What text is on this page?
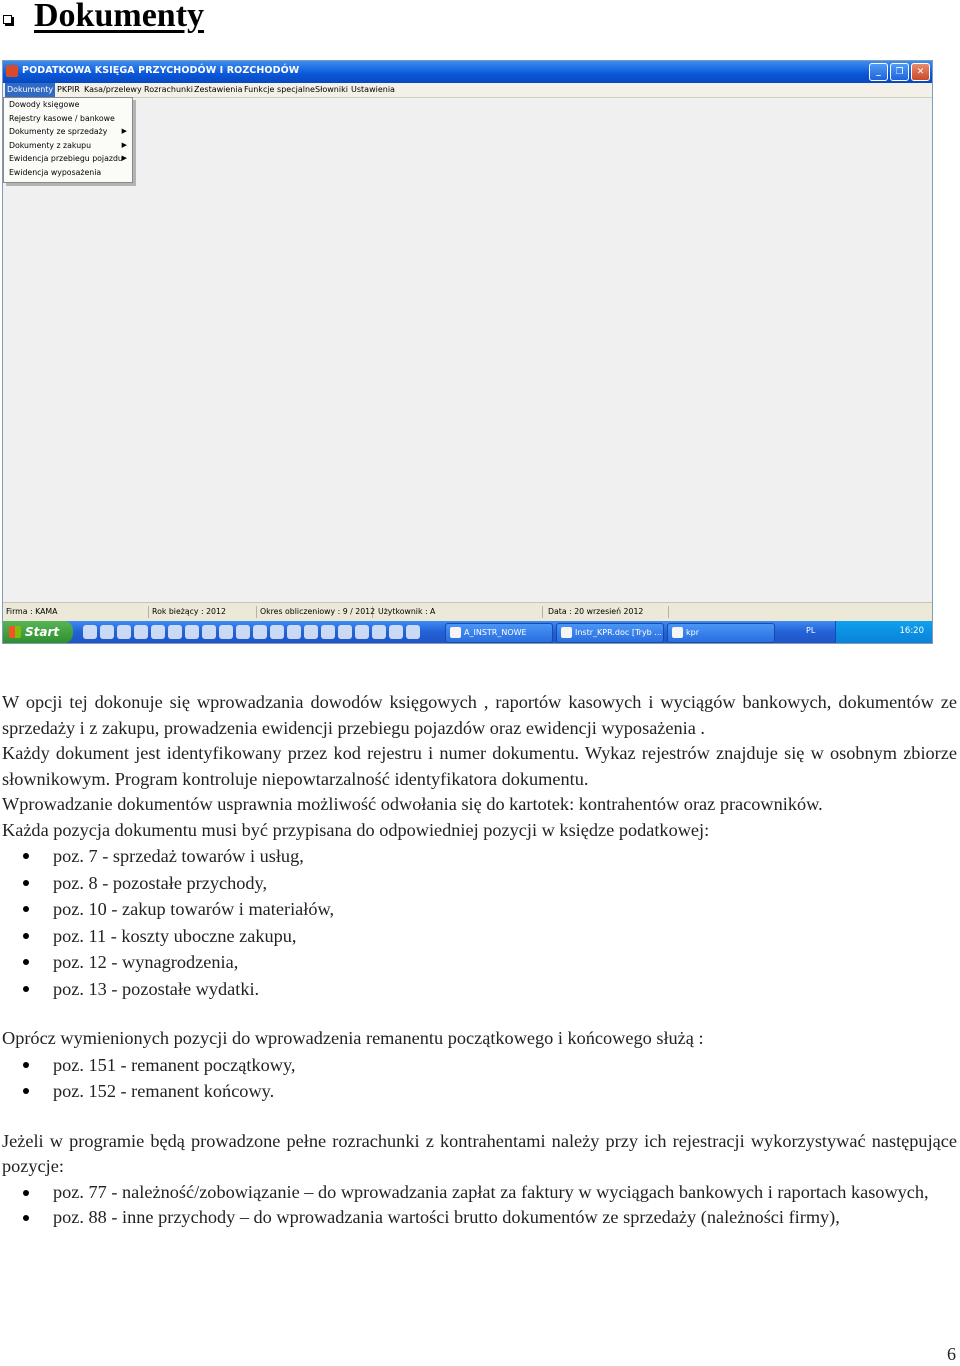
Dokumenty
PODATKOWA KSIĘGA PRZYCHODÓW I ROZCHODÓW	_	❐	✕
Dokumenty PKPIR Kasa/przelewy Rozrachunki Zestawienia Funkcje specjalne Słowniki Ustawienia
Dowody księgowe
Rejestry kasowe / bankowe
Dokumenty ze sprzedaży ▶
Dokumenty z zakupu	▶
Ewidencja przebiegu pojazdu
▶
Ewidencja wyposażenia
Firma : KAMA	Rok bieżący : 2012	Okres obliczeniowy : 9 / 2012 Użytkownik : A	Data : 20 wrzesień 2012
Start	A_INSTR_NOWE	Instr_KPR.doc [Tryb ...	kpr	PL	16:20

W opcji tej dokonuje się wprowadzania dowodów księgowych , raportów kasowych i wyciągów bankowych, dokumentów ze sprzedaży i z zakupu, prowadzenia ewidencji przebiegu pojazdów oraz ewidencji wyposażenia .

Każdy dokument jest identyfikowany przez kod rejestru i numer dokumentu. Wykaz rejestrów znajduje się w osobnym zbiorze słownikowym. Program kontroluje niepowtarzalność identyfikatora dokumentu.

Wprowadzanie dokumentów usprawnia możliwość odwołania się do kartotek: kontrahentów oraz pracowników.

Każda pozycja dokumentu musi być przypisana do odpowiedniej pozycji w księdze podatkowej:

poz. 7 - sprzedaż towarów i usług,
poz. 8 - pozostałe przychody,
poz. 10 - zakup towarów i materiałów,
poz. 11 - koszty uboczne zakupu,
poz. 12 - wynagrodzenia,
poz. 13 - pozostałe wydatki.

Oprócz wymienionych pozycji do wprowadzenia remanentu początkowego i końcowego służą :

poz. 151 - remanent początkowy,
poz. 152 - remanent końcowy.

Jeżeli w programie będą prowadzone pełne rozrachunki z kontrahentami należy przy ich rejestracji wykorzystywać następujące pozycje:

poz. 77 - należność/zobowiązanie – do wprowadzania zapłat za faktury w wyciągach bankowych i raportach kasowych,
poz. 88 - inne przychody – do wprowadzania wartości brutto dokumentów ze sprzedaży (należności firmy),
6
